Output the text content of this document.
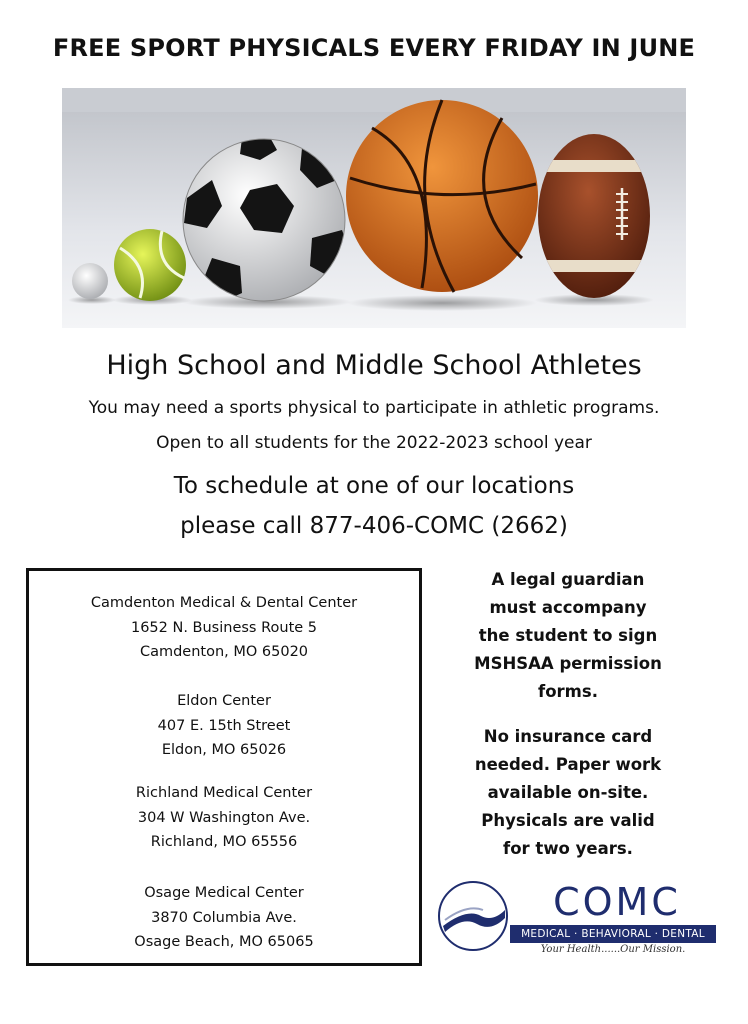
FREE SPORT PHYSICALS EVERY FRIDAY IN JUNE
High School and Middle School Athletes
You may need a sports physical to participate in athletic programs.
Open to all students for the 2022-2023 school year
To schedule at one of our locations
please call 877-406-COMC (2662)
Camdenton Medical & Dental Center
1652 N. Business Route 5
Camdenton, MO 65020
Eldon Center
407 E. 15th Street
Eldon, MO 65026
Richland Medical Center
304 W Washington Ave.
Richland, MO 65556
Osage Medical Center
3870 Columbia Ave.
Osage Beach, MO 65065
A legal guardian
must accompany
the student to sign
MSHSAA permission
forms.
No insurance card
needed. Paper work
available on-site.
Physicals are valid
for two years.
COMC
MEDICAL · BEHAVIORAL · DENTAL
Your Health......Our Mission.
